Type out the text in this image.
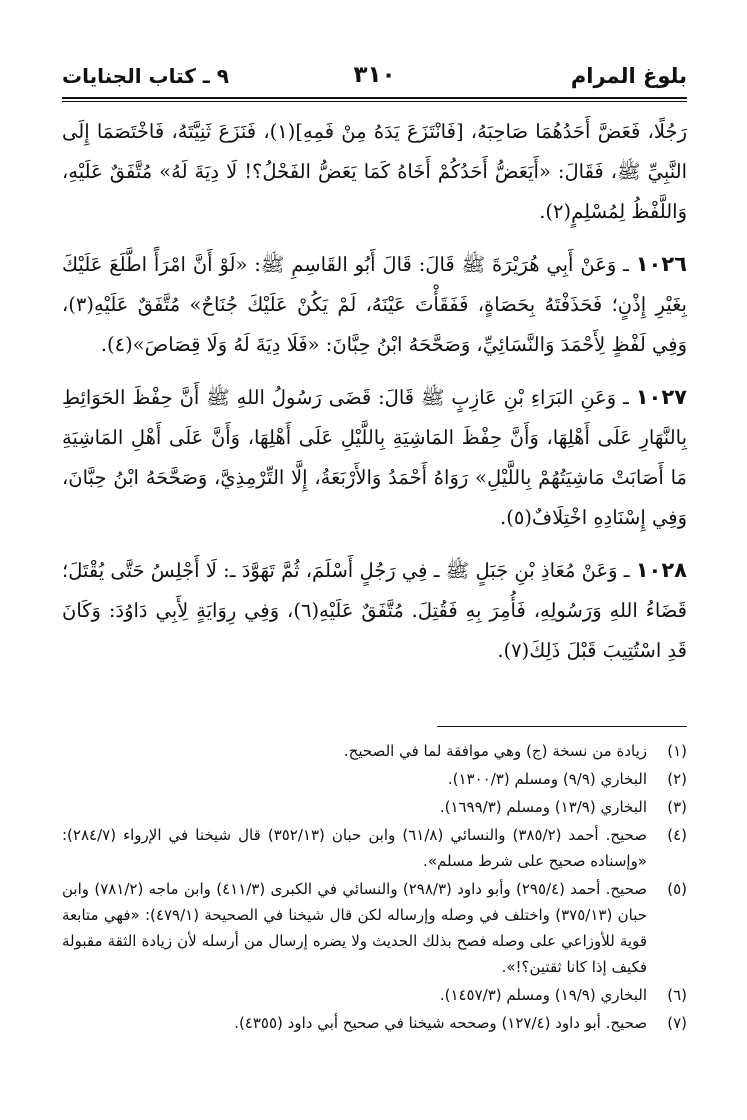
بلوغ المرام
٣١٠
٩ ـ كتاب الجنايات

رَجُلًا، فَعَضَّ أَحَدُهُمَا صَاحِبَهُ، [فَانْتَزَعَ يَدَهُ مِنْ فَمِهِ](١)، فَنَزَعَ ثَنِيَّتَهُ، فَاخْتَصَمَا إِلَى النَّبِيِّ ﷺ، فَقَالَ: «أَيَعَضُّ أَحَدُكُمْ أَخَاهُ كَمَا يَعَضُّ الفَحْلُ؟! لَا دِيَةَ لَهُ» مُتَّفَقٌ عَلَيْهِ، وَاللَّفْظُ لِمُسْلِمٍ(٢).

١٠٢٦ ـ وَعَنْ أَبِي هُرَيْرَةَ ﷺ قَالَ: قَالَ أَبُو القَاسِمِ ﷺ: «لَوْ أَنَّ امْرَأً اطَّلَعَ عَلَيْكَ بِغَيْرِ إِذْنٍ؛ فَحَذَفْتَهُ بِحَصَاةٍ، فَفَقَأْتَ عَيْنَهُ، لَمْ يَكُنْ عَلَيْكَ جُنَاحٌ» مُتَّفَقٌ عَلَيْهِ(٣)، وَفِي لَفْظٍ لِأَحْمَدَ وَالنَّسَائِيِّ، وَصَحَّحَهُ ابْنُ حِبَّانَ: «فَلَا دِيَةَ لَهُ وَلَا قِصَاصَ»(٤).

١٠٢٧ ـ وَعَنِ البَرَاءِ بْنِ عَازِبٍ ﷺ قَالَ: قَضَى رَسُولُ اللهِ ﷺ أَنَّ حِفْظَ الحَوَائِطِ بِالنَّهَارِ عَلَى أَهْلِهَا، وَأَنَّ حِفْظَ المَاشِيَةِ بِاللَّيْلِ عَلَى أَهْلِهَا، وَأَنَّ عَلَى أَهْلِ المَاشِيَةِ مَا أَصَابَتْ مَاشِيَتُهُمْ بِاللَّيْلِ» رَوَاهُ أَحْمَدُ وَالأَرْبَعَةُ، إِلَّا التِّرْمِذِيَّ، وَصَحَّحَهُ ابْنُ حِبَّانَ، وَفِي إِسْنَادِهِ اخْتِلَافٌ(٥).

١٠٢٨ ـ وَعَنْ مُعَاذِ بْنِ جَبَلٍ ﷺ ـ فِي رَجُلٍ أَسْلَمَ، ثُمَّ تَهَوَّدَ ـ: لَا أَجْلِسُ حَتَّى يُقْتَلَ؛ قَضَاءُ اللهِ وَرَسُولِهِ، فَأُمِرَ بِهِ فَقُتِلَ. مُتَّفَقٌ عَلَيْهِ(٦)، وَفِي رِوَايَةٍ لِأَبِي دَاوُدَ: وَكَانَ قَدِ اسْتُتِيبَ قَبْلَ ذَلِكَ(٧).

(١)
زيادة من نسخة (ج) وهي موافقة لما في الصحيح.
(٢)
البخاري (٩/٩) ومسلم (١٣٠٠/٣).
(٣)
البخاري (١٣/٩) ومسلم (١٦٩٩/٣).
(٤)
صحيح. أحمد (٣٨٥/٢) والنسائي (٦١/٨) وابن حبان (٣٥٢/١٣) قال شيخنا في الإرواء (٢٨٤/٧): «وإسناده صحيح على شرط مسلم».
(٥)
صحيح. أحمد (٢٩٥/٤) وأبو داود (٢٩٨/٣) والنسائي في الكبرى (٤١١/٣) وابن ماجه (٧٨١/٢) وابن حبان (٣٧٥/١٣) واختلف في وصله وإرساله لكن قال شيخنا في الصحيحة (٤٧٩/١): «فهي متابعة قوية للأوزاعي على وصله فصح بذلك الحديث ولا يضره إرسال من أرسله لأن زيادة الثقة مقبولة فكيف إذا كانا ثقتين؟!».
(٦)
البخاري (١٩/٩) ومسلم (١٤٥٧/٣).
(٧)
صحيح. أبو داود (١٢٧/٤) وصححه شيخنا في صحيح أبي داود (٤٣٥٥).
